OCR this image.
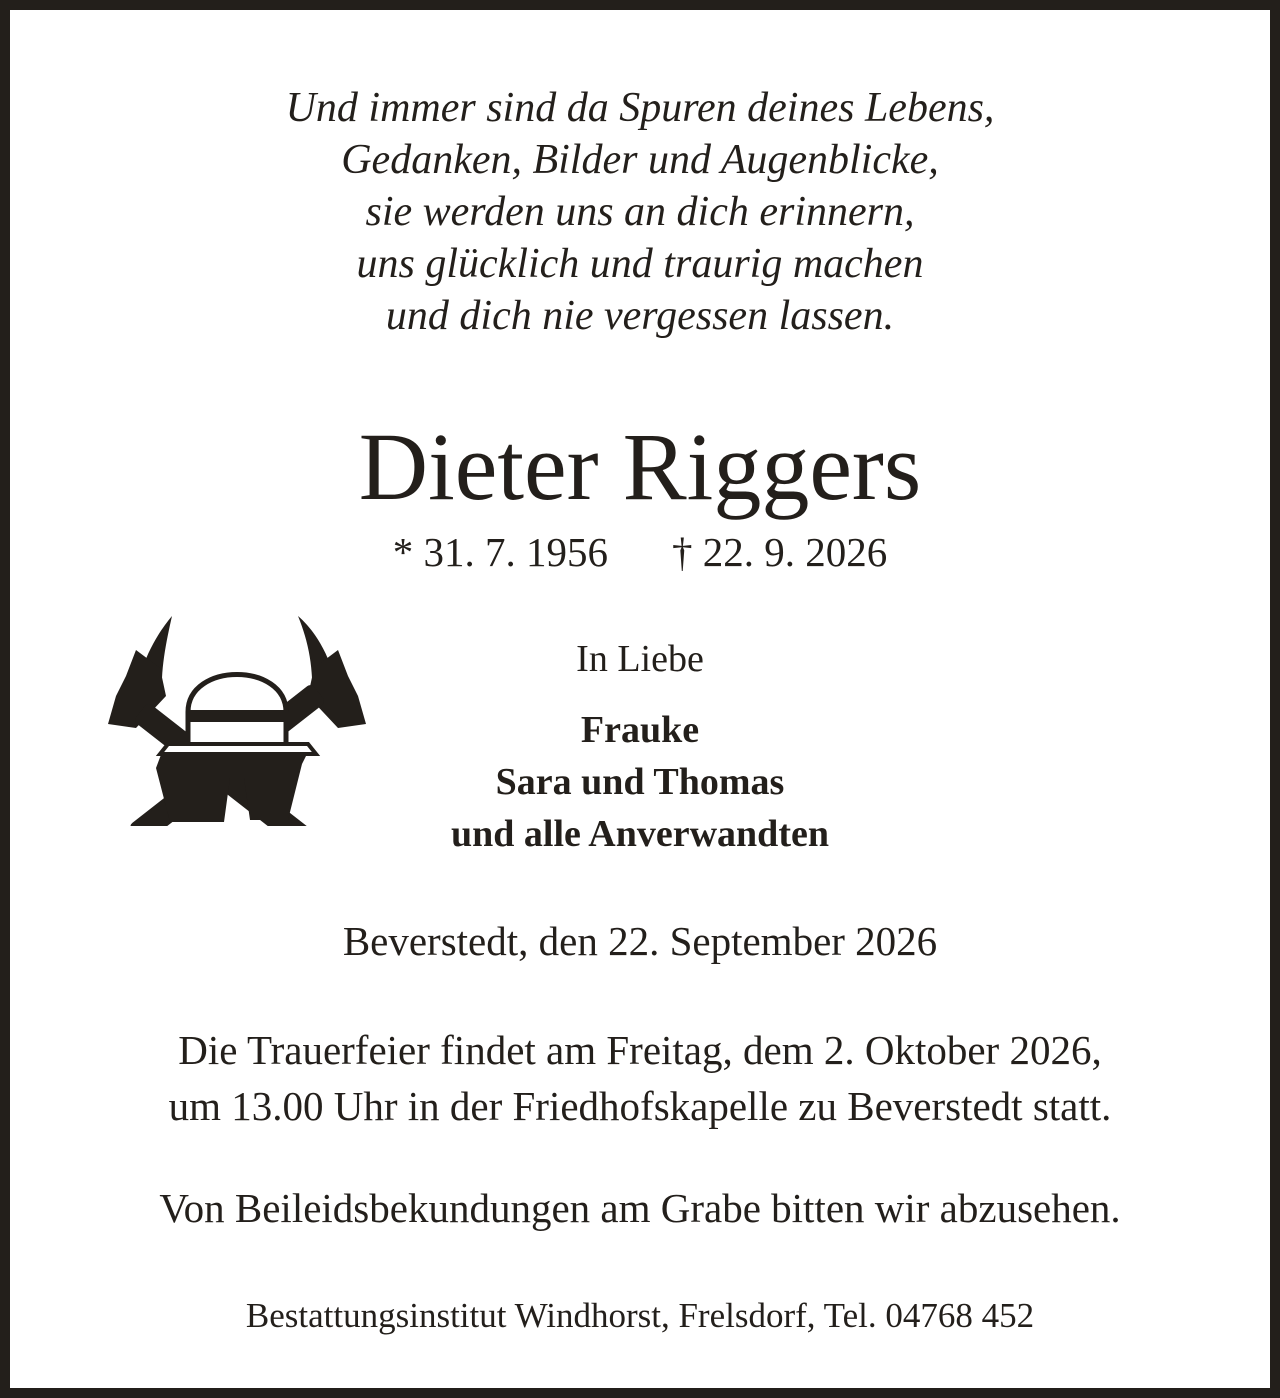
Und immer sind da Spuren deines Lebens,
Gedanken, Bilder und Augenblicke,
sie werden uns an dich erinnern,
uns glücklich und traurig machen
und dich nie vergessen lassen.
Dieter Riggers
* 31. 7. 1956 † 22. 9. 2026
In Liebe
Frauke
Sara und Thomas
und alle Anverwandten
Beverstedt, den 22. September 2026
Die Trauerfeier findet am Freitag, dem 2. Oktober 2026,
um 13.00 Uhr in der Friedhofskapelle zu Beverstedt statt.
Von Beileidsbekundungen am Grabe bitten wir abzusehen.
Bestattungsinstitut Windhorst, Frelsdorf, Tel. 04768 452
